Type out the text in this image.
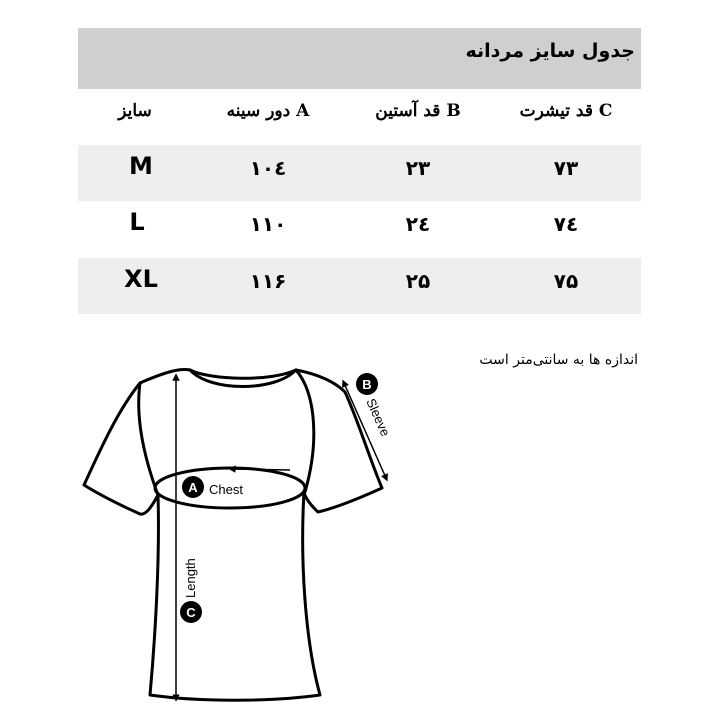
جدول سایز مردانه
سایز	A دور سینه	B قد آستین	C قد تیشرت
M	۱۰٤	۲۳	۷۳
L	۱۱۰	۲٤	۷٤
XL	۱۱۶	۲۵	۷۵
اندازه ها به سانتی‌متر است
A Chest
B
Sleeve
C
Length
